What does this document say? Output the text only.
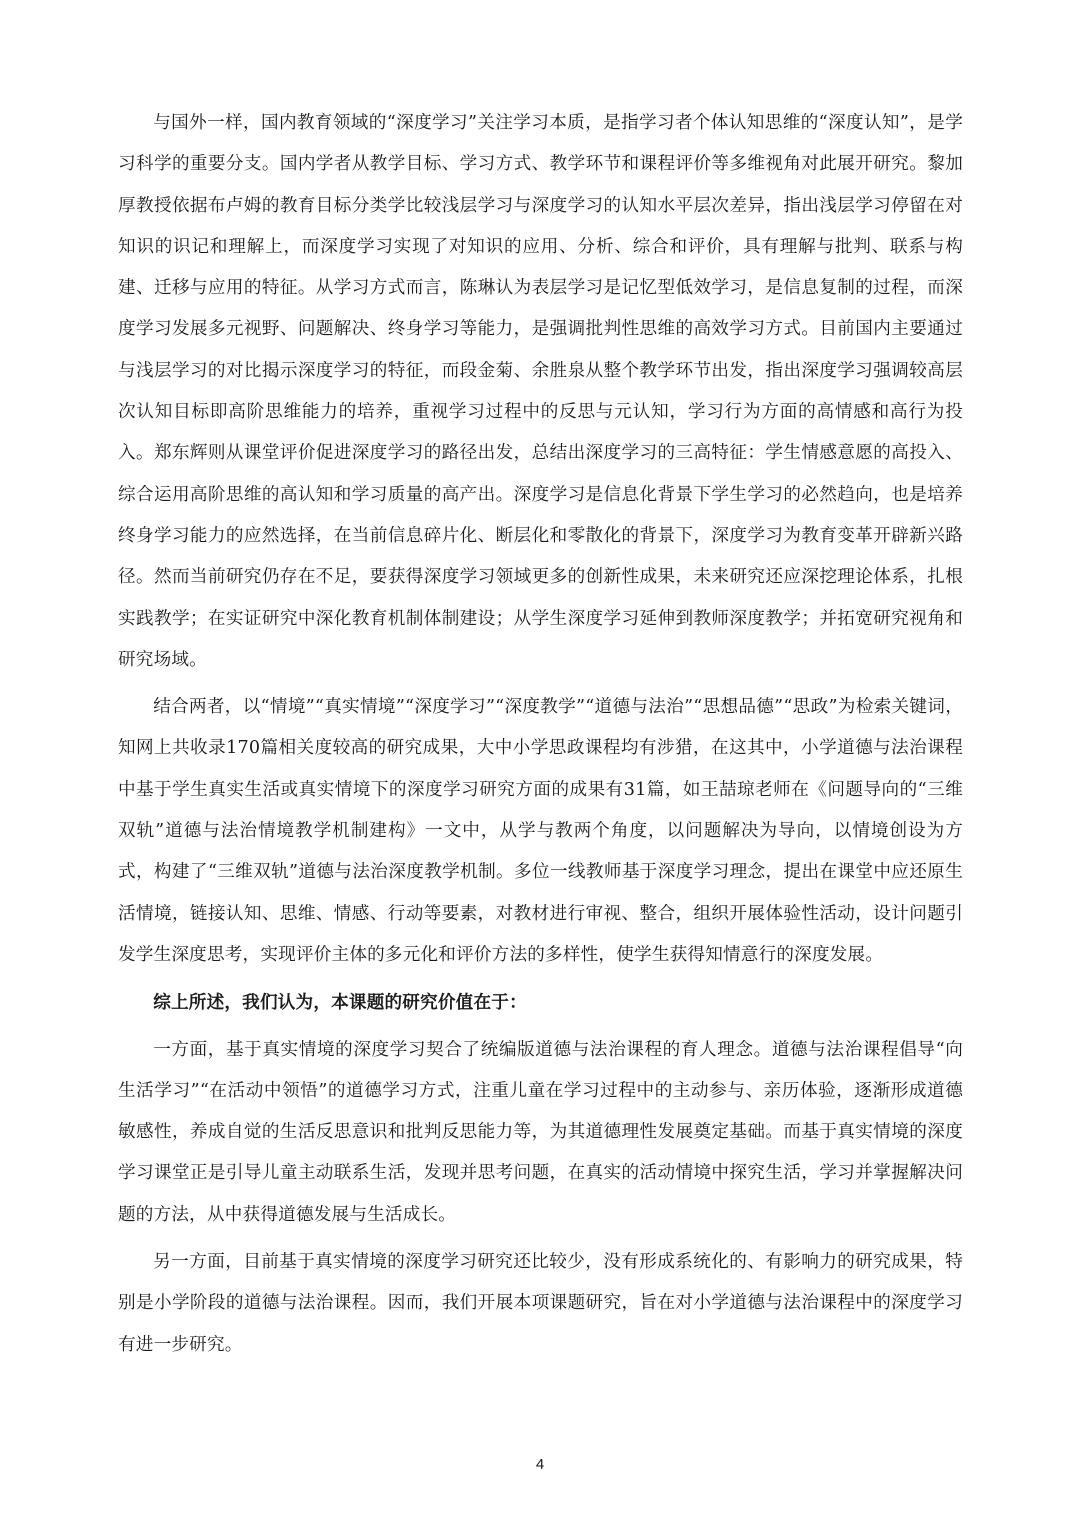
与国外一样，国内教育领域的“深度学习”关注学习本质，是指学习者个体认知思维的“深度认知”，是学习科学的重要分支。国内学者从教学目标、学习方式、教学环节和课程评价等多维视角对此展开研究。黎加厚教授依据布卢姆的教育目标分类学比较浅层学习与深度学习的认知水平层次差异，指出浅层学习停留在对知识的识记和理解上，而深度学习实现了对知识的应用、分析、综合和评价，具有理解与批判、联系与构建、迁移与应用的特征。从学习方式而言，陈琳认为表层学习是记忆型低效学习，是信息复制的过程，而深度学习发展多元视野、问题解决、终身学习等能力，是强调批判性思维的高效学习方式。目前国内主要通过与浅层学习的对比揭示深度学习的特征，而段金菊、余胜泉从整个教学环节出发，指出深度学习强调较高层次认知目标即高阶思维能力的培养，重视学习过程中的反思与元认知，学习行为方面的高情感和高行为投入。郑东辉则从课堂评价促进深度学习的路径出发，总结出深度学习的三高特征：学生情感意愿的高投入、综合运用高阶思维的高认知和学习质量的高产出。深度学习是信息化背景下学生学习的必然趋向，也是培养终身学习能力的应然选择，在当前信息碎片化、断层化和零散化的背景下，深度学习为教育变革开辟新兴路径。然而当前研究仍存在不足，要获得深度学习领域更多的创新性成果，未来研究还应深挖理论体系，扎根实践教学；在实证研究中深化教育机制体制建设；从学生深度学习延伸到教师深度教学；并拓宽研究视角和研究场域。

结合两者，以“情境”“真实情境”“深度学习”“深度教学”“道德与法治”“思想品德”“思政”为检索关键词，知网上共收录170篇相关度较高的研究成果，大中小学思政课程均有涉猎，在这其中，小学道德与法治课程中基于学生真实生活或真实情境下的深度学习研究方面的成果有31篇，如王喆琼老师在《问题导向的“三维双轨”道德与法治情境教学机制建构》一文中，从学与教两个角度，以问题解决为导向，以情境创设为方式，构建了“三维双轨”道德与法治深度教学机制。多位一线教师基于深度学习理念，提出在课堂中应还原生活情境，链接认知、思维、情感、行动等要素，对教材进行审视、整合，组织开展体验性活动，设计问题引发学生深度思考，实现评价主体的多元化和评价方法的多样性，使学生获得知情意行的深度发展。

综上所述，我们认为，本课题的研究价值在于：

一方面，基于真实情境的深度学习契合了统编版道德与法治课程的育人理念。道德与法治课程倡导“向生活学习”“在活动中领悟”的道德学习方式，注重儿童在学习过程中的主动参与、亲历体验，逐渐形成道德敏感性，养成自觉的生活反思意识和批判反思能力等，为其道德理性发展奠定基础。而基于真实情境的深度学习课堂正是引导儿童主动联系生活，发现并思考问题，在真实的活动情境中探究生活，学习并掌握解决问题的方法，从中获得道德发展与生活成长。

另一方面，目前基于真实情境的深度学习研究还比较少，没有形成系统化的、有影响力的研究成果，特别是小学阶段的道德与法治课程。因而，我们开展本项课题研究，旨在对小学道德与法治课程中的深度学习有进一步研究。

4
